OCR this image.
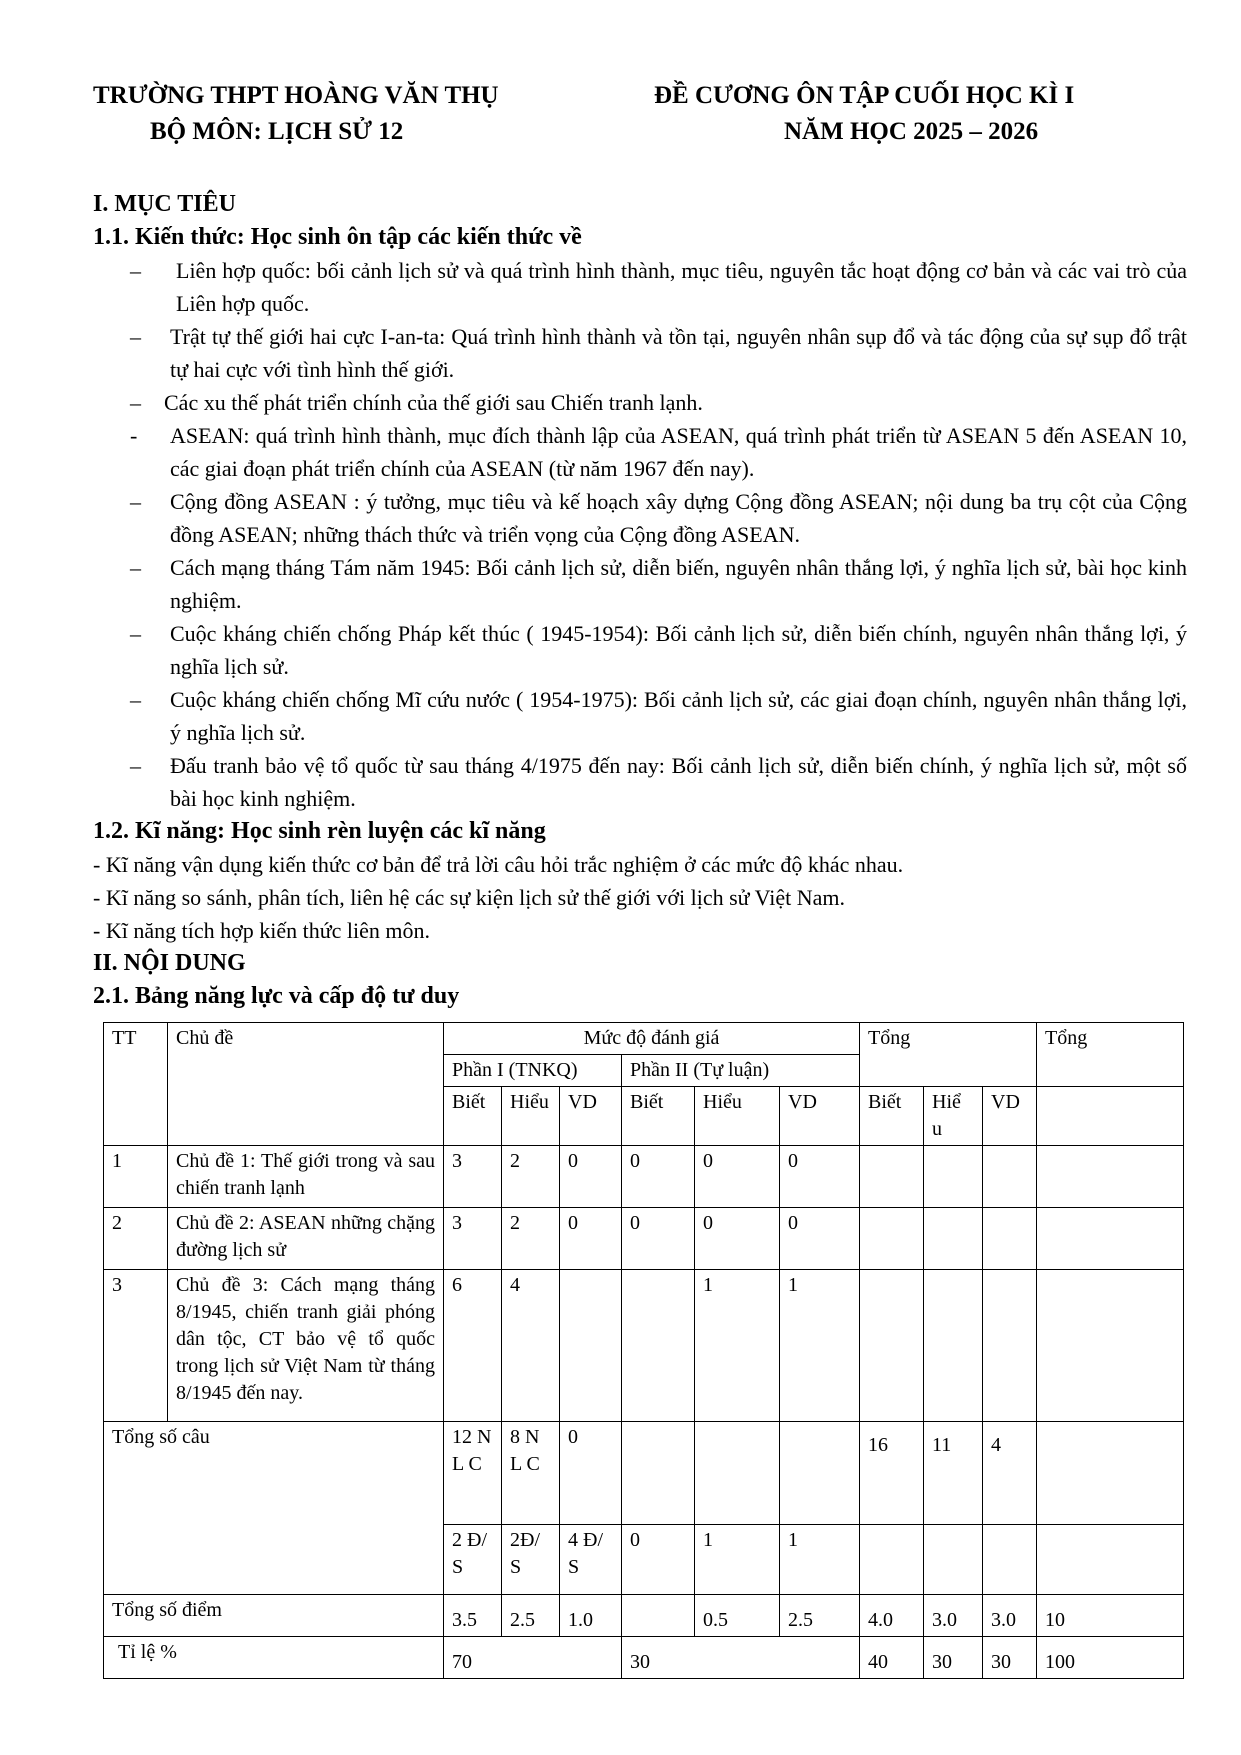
TRƯỜNG THPT HOÀNG VĂN THỤ
BỘ MÔN: LỊCH SỬ 12
ĐỀ CƯƠNG ÔN TẬP CUỐI HỌC KÌ I
NĂM HỌC 2025 – 2026
I. MỤC TIÊU
1.1. Kiến thức: Học sinh ôn tập các kiến thức về
–	Liên hợp quốc: bối cảnh lịch sử và quá trình hình thành, mục tiêu, nguyên tắc hoạt động cơ bản và các vai trò của Liên hợp quốc.
–	Trật tự thế giới hai cực I-an-ta: Quá trình hình thành và tồn tại, nguyên nhân sụp đổ và tác động của sự sụp đổ trật tự hai cực với tình hình thế giới.
–	Các xu thế phát triển chính của thế giới sau Chiến tranh lạnh.
-	ASEAN: quá trình hình thành, mục đích thành lập của ASEAN, quá trình phát triển từ ASEAN 5 đến ASEAN 10, các giai đoạn phát triển chính của ASEAN (từ năm 1967 đến nay).
–	Cộng đồng ASEAN : ý tưởng, mục tiêu và kế hoạch xây dựng Cộng đồng ASEAN; nội dung ba trụ cột của Cộng đồng ASEAN; những thách thức và triển vọng của Cộng đồng ASEAN.
–	Cách mạng tháng Tám năm 1945: Bối cảnh lịch sử, diễn biến, nguyên nhân thắng lợi, ý nghĩa lịch sử, bài học kinh nghiệm.
–	Cuộc kháng chiến chống Pháp kết thúc ( 1945-1954): Bối cảnh lịch sử, diễn biến chính, nguyên nhân thắng lợi, ý nghĩa lịch sử.
–	Cuộc kháng chiến chống Mĩ cứu nước ( 1954-1975): Bối cảnh lịch sử, các giai đoạn chính, nguyên nhân thắng lợi, ý nghĩa lịch sử.
–	Đấu tranh bảo vệ tổ quốc từ sau tháng 4/1975 đến nay: Bối cảnh lịch sử, diễn biến chính, ý nghĩa lịch sử, một số bài học kinh nghiệm.
1.2. Kĩ năng: Học sinh rèn luyện các kĩ năng
- Kĩ năng vận dụng kiến thức cơ bản để trả lời câu hỏi trắc nghiệm ở các mức độ khác nhau.
- Kĩ năng so sánh, phân tích, liên hệ các sự kiện lịch sử thế giới với lịch sử Việt Nam.
- Kĩ năng tích hợp kiến thức liên môn.
II. NỘI DUNG
2.1. Bảng năng lực và cấp độ tư duy
TT	Chủ đề	Mức độ đánh giá						Tổng			Tổng
		Phần I (TNKQ)			Phần II (Tự luận)						
		Biết	Hiểu	VD	Biết	Hiểu	VD	Biết	Hiể u	VD	
1	Chủ đề 1: Thế giới trong và sau chiến tranh lạnh	3	2	0	0	0	0				
2	Chủ đề 2: ASEAN những chặng đường lịch sử	3	2	0	0	0	0				
3	Chủ đề 3: Cách mạng tháng 8/1945, chiến tranh giải phóng dân tộc, CT bảo vệ tổ quốc trong lịch sử Việt Nam từ tháng 8/1945 đến nay.	6	4			1	1				
Tổng số câu		12 NL C	8 NL C	0				16	11	4	
		2 Đ/S	2Đ/ S	4 Đ/S	0	1	1				
Tổng số điểm		3.5	2.5	1.0		0.5	2.5	4.0	3.0	3.0	10
Tỉ lệ %		70			30			40	30	30	100
